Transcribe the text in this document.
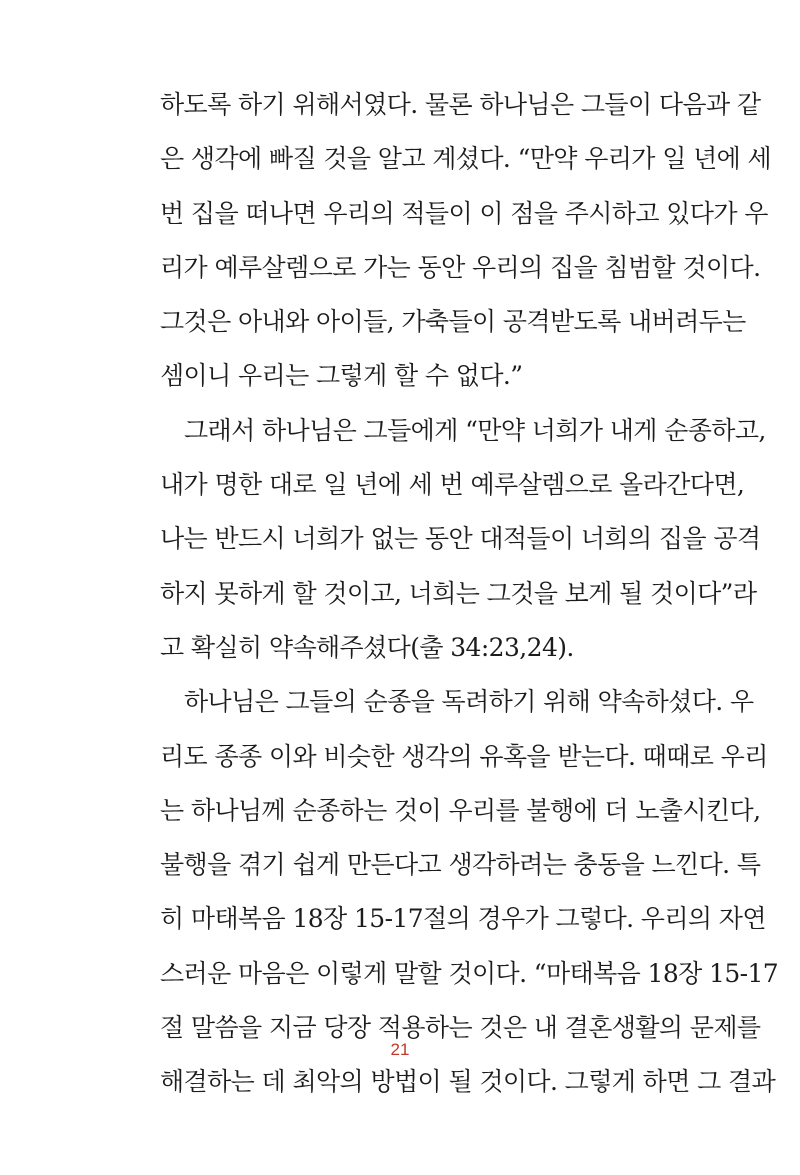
하도록 하기 위해서였다. 물론 하나님은 그들이 다음과 같
은 생각에 빠질 것을 알고 계셨다. “만약 우리가 일 년에 세
번 집을 떠나면 우리의 적들이 이 점을 주시하고 있다가 우
리가 예루살렘으로 가는 동안 우리의 집을 침범할 것이다.
그것은 아내와 아이들, 가축들이 공격받도록 내버려두는
셈이니 우리는 그렇게 할 수 없다.”
그래서 하나님은 그들에게 “만약 너희가 내게 순종하고,
내가 명한 대로 일 년에 세 번 예루살렘으로 올라간다면,
나는 반드시 너희가 없는 동안 대적들이 너희의 집을 공격
하지 못하게 할 것이고, 너희는 그것을 보게 될 것이다”라
고 확실히 약속해주셨다(출 34:23,24).
하나님은 그들의 순종을 독려하기 위해 약속하셨다. 우
리도 종종 이와 비슷한 생각의 유혹을 받는다. 때때로 우리
는 하나님께 순종하는 것이 우리를 불행에 더 노출시킨다,
불행을 겪기 쉽게 만든다고 생각하려는 충동을 느낀다. 특
히 마태복음 18장 15-17절의 경우가 그렇다. 우리의 자연
스러운 마음은 이렇게 말할 것이다. “마태복음 18장 15-17
절 말씀을 지금 당장 적용하는 것은 내 결혼생활의 문제를
해결하는 데 최악의 방법이 될 것이다. 그렇게 하면 그 결과
21
